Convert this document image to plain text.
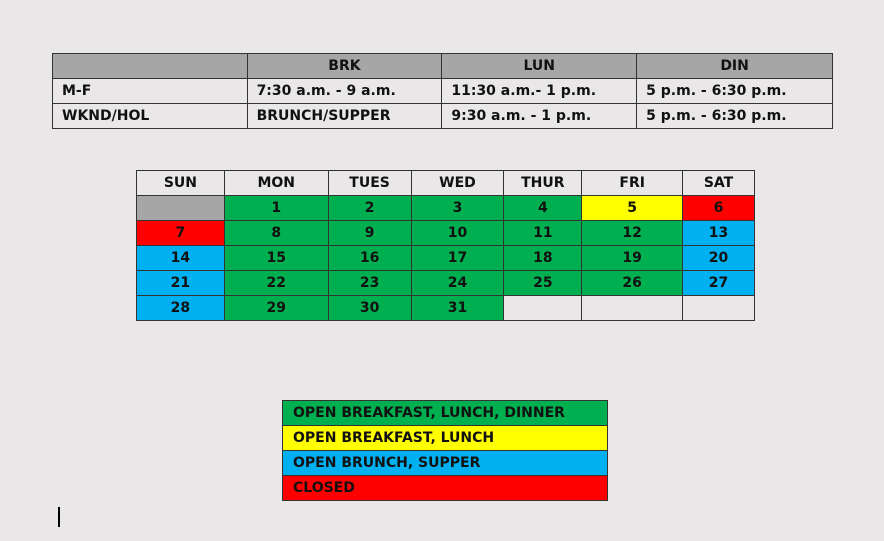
	BRK	LUN	DIN
M-F	7:30 a.m. - 9 a.m.	11:30 a.m.- 1 p.m.	5 p.m. - 6:30 p.m.
WKND/HOL	BRUNCH/SUPPER	9:30 a.m. - 1 p.m.	5 p.m. - 6:30 p.m.
SUN	MON	TUES	WED	THUR	FRI	SAT
	1	2	3	4	5	6
7	8	9	10	11	12	13
14	15	16	17	18	19	20
21	22	23	24	25	26	27
28	29	30	31			
OPEN BREAKFAST, LUNCH, DINNER
OPEN BREAKFAST, LUNCH
OPEN BRUNCH, SUPPER
CLOSED
